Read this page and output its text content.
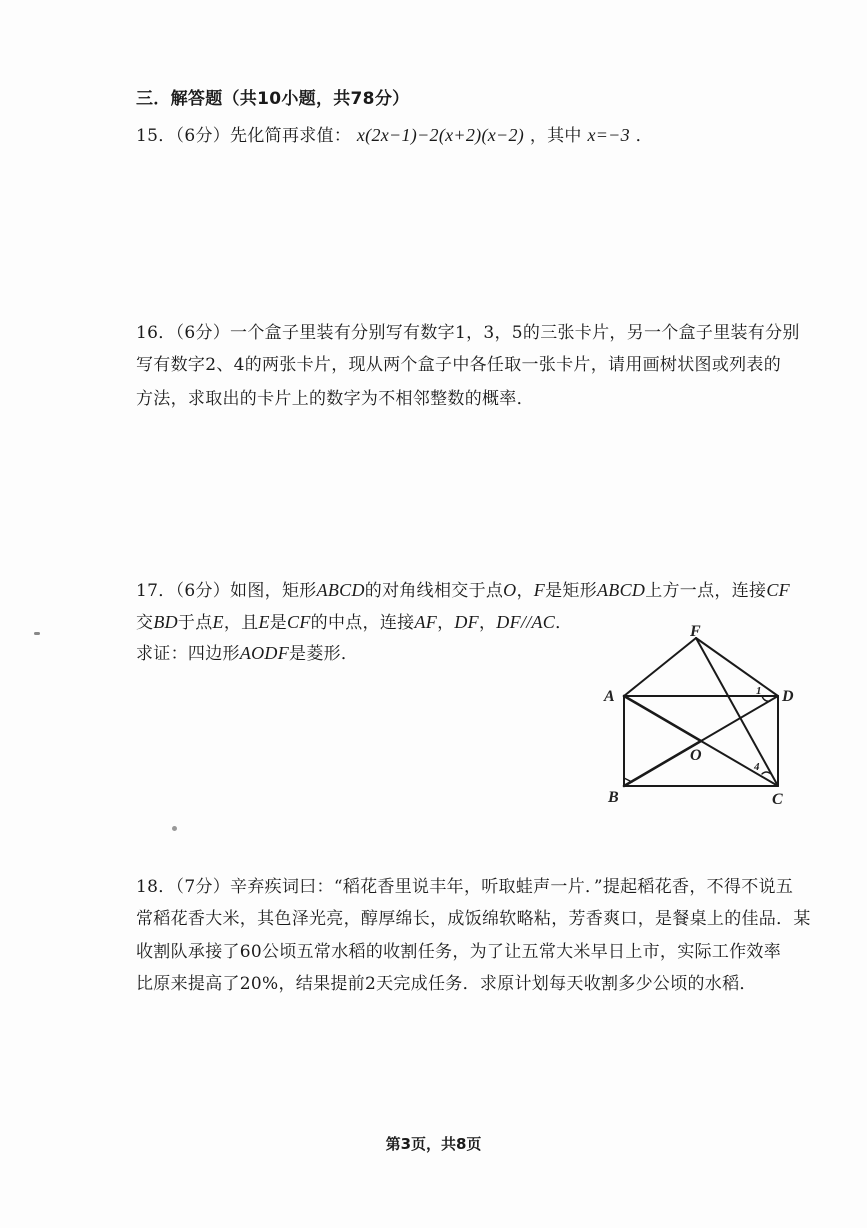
三．解答题（共10小题，共78分）
15．（6分）先化简再求值： x(2x−1)−2(x+2)(x−2) ，其中 x=−3 ．
16．（6分）一个盒子里装有分别写有数字1，3，5的三张卡片，另一个盒子里装有分别
写有数字2、4的两张卡片，现从两个盒子中各任取一张卡片，请用画树状图或列表的
方法，求取出的卡片上的数字为不相邻整数的概率．
17．（6分）如图，矩形ABCD的对角线相交于点O，F是矩形ABCD上方一点，连接CF
交BD于点E，且E是CF的中点，连接AF，DF，DF//AC．
求证：四边形AODF是菱形．
F
A	D
B	C
O
1
4
18．（7分）辛弃疾词曰：“稻花香里说丰年，听取蛙声一片．”提起稻花香，不得不说五
常稻花香大米，其色泽光亮，醇厚绵长，成饭绵软略粘，芳香爽口，是餐桌上的佳品．某
收割队承接了60公顷五常水稻的收割任务，为了让五常大米早日上市，实际工作效率
比原来提高了20%，结果提前2天完成任务．求原计划每天收割多少公顷的水稻．
第3页，共8页
